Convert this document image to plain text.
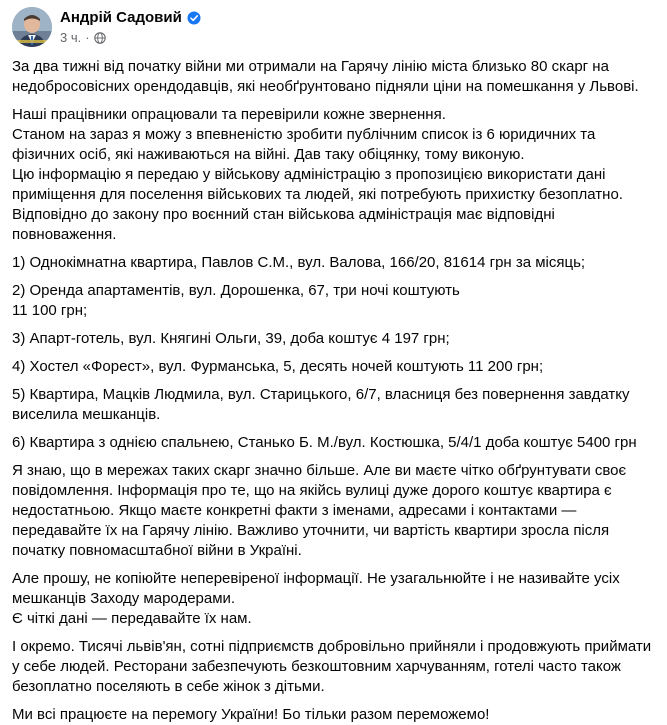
Андрій Садовий
3 ч. ·

За два тижні від початку війни ми отримали на Гарячу лінію міста близько 80 скарг на недобросовісних орендодавців, які необґрунтовано підняли ціни на помешкання у Львові.

Наші працівники опрацювали та перевірили кожне звернення.
Станом на зараз я можу з впевненістю зробити публічним список із 6 юридичних та фізичних осіб, які наживаються на війні. Дав таку обіцянку, тому виконую.
Цю інформацію я передаю у військову адміністрацію з пропозицією використати дані приміщення для поселення військових та людей, які потребують прихистку безоплатно.
Відповідно до закону про воєнний стан військова адміністрація має відповідні повноваження.

1) Однокімнатна квартира, Павлов С.М., вул. Валова, 166/20, 81614 грн за місяць;

2) Оренда апартаментів, вул. Дорошенка, 67, три ночі коштують
11 100 грн;

3) Апарт-готель, вул. Княгині Ольги, 39, доба коштує 4 197 грн;

4) Хостел «Форест», вул. Фурманська, 5, десять ночей коштують 11 200 грн;

5) Квартира, Мацків Людмила, вул. Старицького, 6/7, власниця без повернення завдатку виселила мешканців.

6) Квартира з однією спальнею, Станько Б. М./вул. Костюшка, 5/4/1 доба коштує 5400 грн

Я знаю, що в мережах таких скарг значно більше. Але ви маєте чітко обґрунтувати своє повідомлення. Інформація про те, що на якійсь вулиці дуже дорого коштує квартира є недостатньою. Якщо маєте конкретні факти з іменами, адресами і контактами — передавайте їх на Гарячу лінію. Важливо уточнити, чи вартість квартири зросла після початку повномасштабної війни в Україні.

Але прошу, не копіюйте неперевіреної інформації. Не узагальнюйте і не називайте усіх мешканців Заходу мародерами.
Є чіткі дані — передавайте їх нам.

І окремо. Тисячі львів'ян, сотні підприємств добровільно прийняли і продовжують приймати у себе людей. Ресторани забезпечують безкоштовним харчуванням, готелі часто також безоплатно поселяють в себе жінок з дітьми.

Ми всі працюєте на перемогу України! Бо тільки разом переможемо!
